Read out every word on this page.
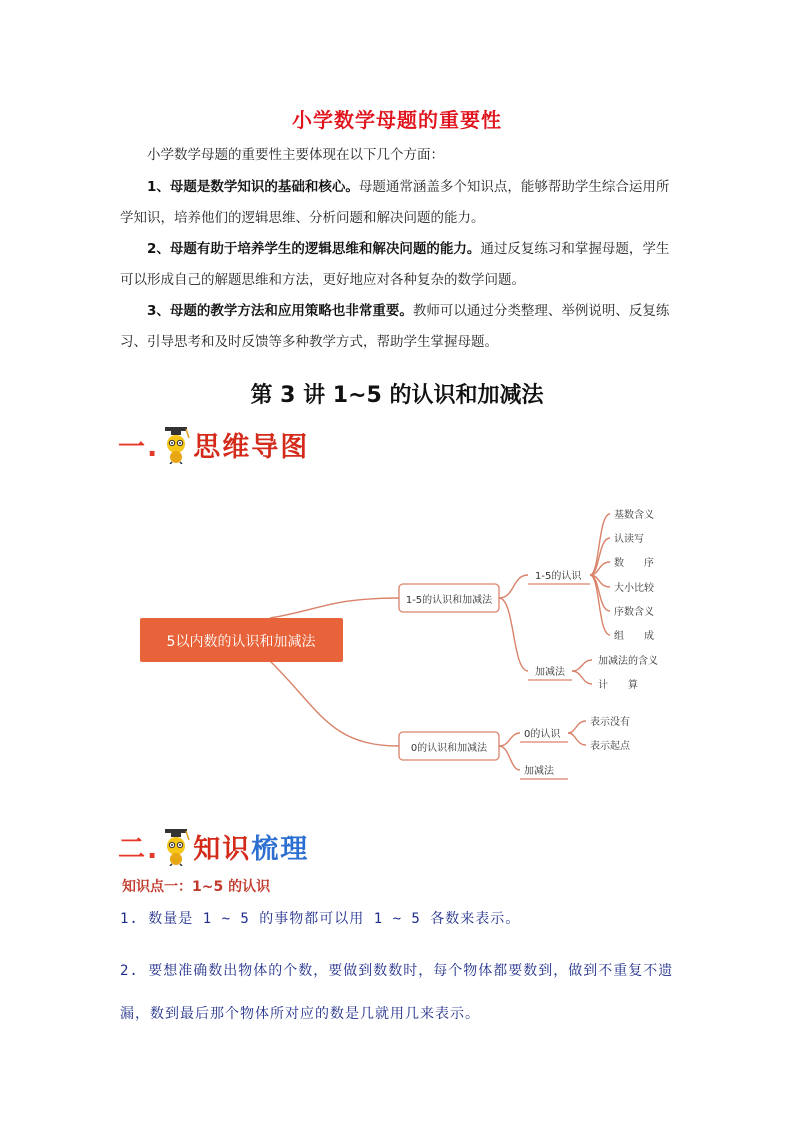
小学数学母题的重要性
小学数学母题的重要性主要体现在以下几个方面：
1、母题是数学知识的基础和核心。母题通常涵盖多个知识点，能够帮助学生综合运用所学知识，培养他们的逻辑思维、分析问题和解决问题的能力。
2、母题有助于培养学生的逻辑思维和解决问题的能力。通过反复练习和掌握母题，学生可以形成自己的解题思维和方法，更好地应对各种复杂的数学问题。
3、母题的教学方法和应用策略也非常重要。教师可以通过分类整理、举例说明、反复练习、引导思考和及时反馈等多种教学方式，帮助学生掌握母题。
第 3 讲 1~5 的认识和加减法
一. 思维导图
5以内数的认识和加减法
1-5的认识和加减法
0的认识和加减法
1-5的认识
加减法
0的认识
加减法
基数含义
认读写
数　　序
大小比较
序数含义
组　　成
加减法的含义
计　　算
表示没有
表示起点
二. 知识梳理
知识点一：1~5 的认识
1. 数量是 1 ~ 5 的事物都可以用 1 ~ 5 各数来表示。
2. 要想准确数出物体的个数，要做到数数时，每个物体都要数到，做到不重复不遗漏，数到最后那个物体所对应的数是几就用几来表示。
